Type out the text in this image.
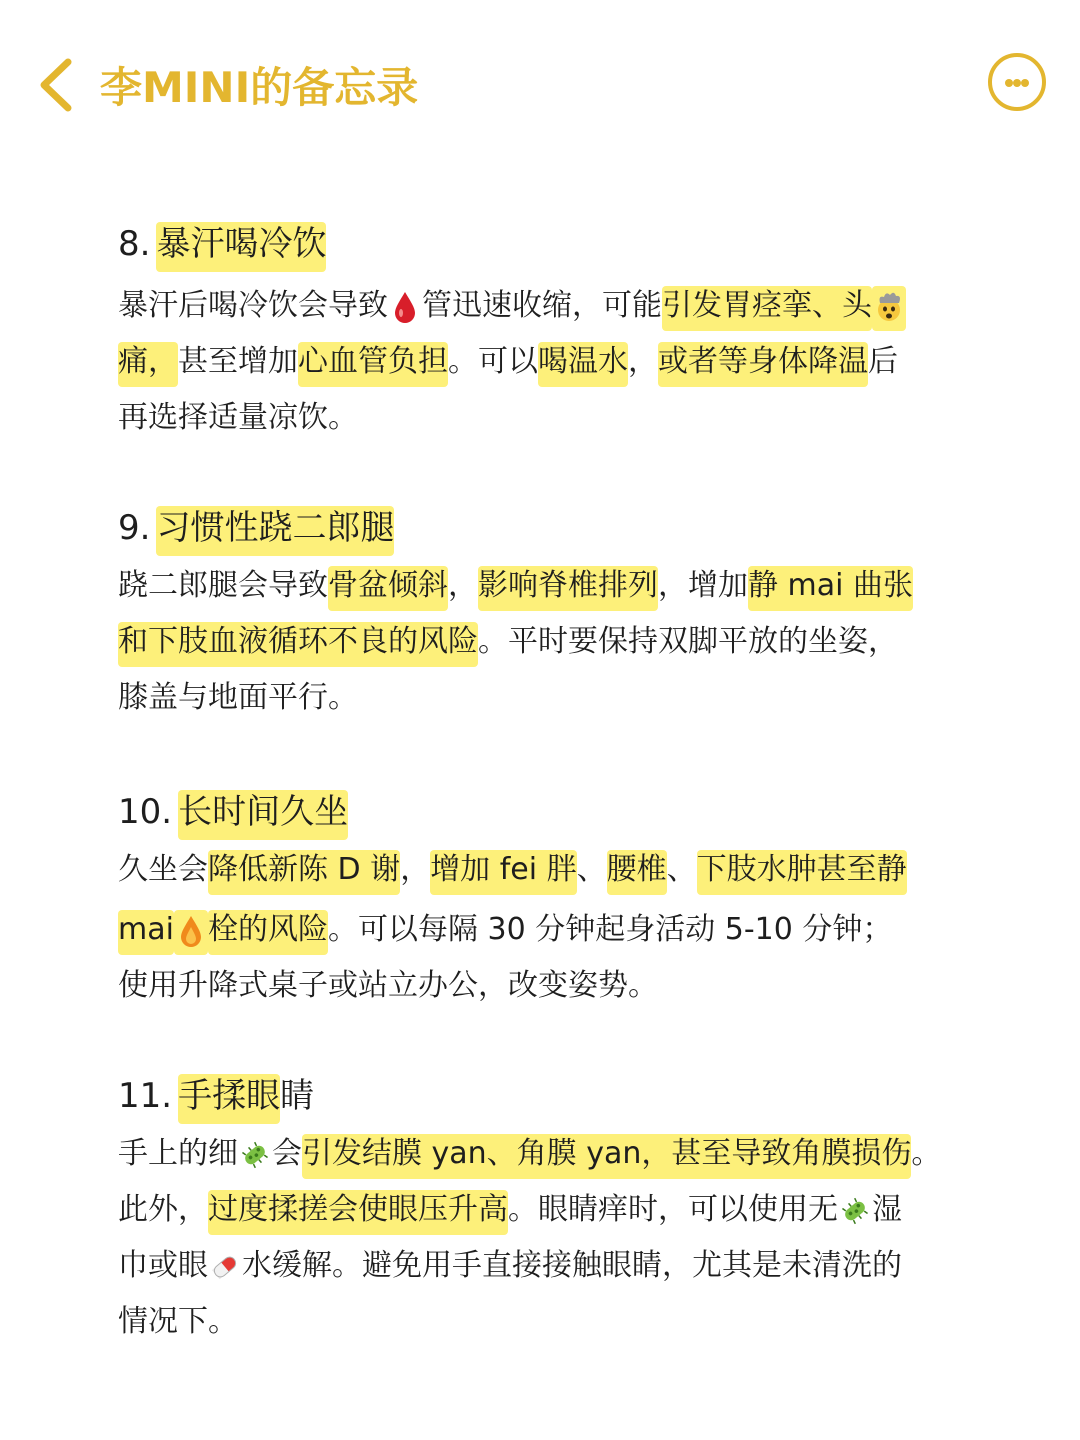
李MINI的备忘录
8. 暴汗喝冷饮
暴汗后喝冷饮会导致 管迅速收缩，可能引发胃痉挛、头
痛，甚至增加心血管负担。可以喝温水，或者等身体降温后
再选择适量凉饮。
9. 习惯性跷二郎腿
跷二郎腿会导致骨盆倾斜，影响脊椎排列，增加静 mai 曲张
和下肢血液循环不良的风险。平时要保持双脚平放的坐姿，
膝盖与地面平行。
10. 长时间久坐
久坐会降低新陈 D 谢，增加 fei 胖、腰椎、下肢水肿甚至静
mai 栓的风险。可以每隔 30 分钟起身活动 5-10 分钟；
使用升降式桌子或站立办公，改变姿势。
11. 手揉眼睛
手上的细 会引发结膜 yan、角膜 yan，甚至导致角膜损伤。
此外，过度揉搓会使眼压升高。眼睛痒时，可以使用无 湿
巾或眼 水缓解。避免用手直接接触眼睛，尤其是未清洗的
情况下。
